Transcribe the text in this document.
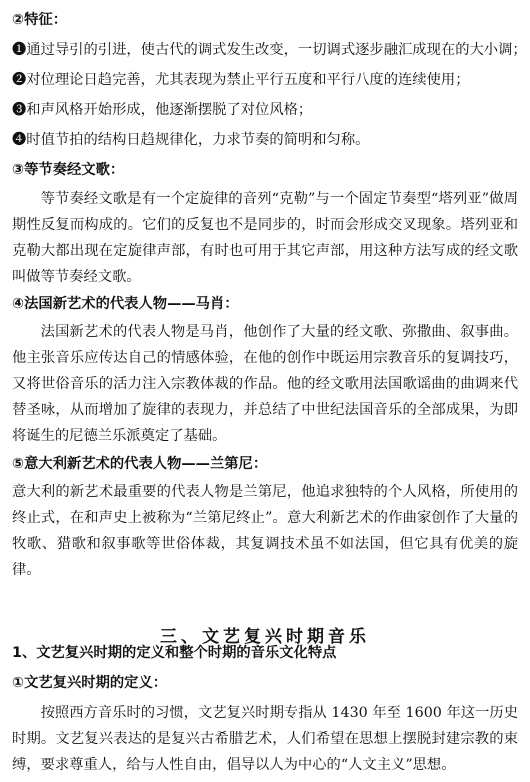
②特征：

❶通过导引的引进，使古代的调式发生改变，一切调式逐步融汇成现在的大小调；

❷对位理论日趋完善，尤其表现为禁止平行五度和平行八度的连续使用；

❸和声风格开始形成，他逐渐摆脱了对位风格；

❹时值节拍的结构日趋规律化，力求节奏的简明和匀称。

③等节奏经文歌：

等节奏经文歌是有一个定旋律的音列“克勒”与一个固定节奏型“塔列亚”做周期性反复而构成的。它们的反复也不是同步的，时而会形成交叉现象。塔列亚和克勒大都出现在定旋律声部，有时也可用于其它声部，用这种方法写成的经文歌叫做等节奏经文歌。

④法国新艺术的代表人物——马肖：

法国新艺术的代表人物是马肖，他创作了大量的经文歌、弥撒曲、叙事曲。他主张音乐应传达自己的情感体验，在他的创作中既运用宗教音乐的复调技巧，又将世俗音乐的活力注入宗教体裁的作品。他的经文歌用法国歌谣曲的曲调来代替圣咏，从而增加了旋律的表现力，并总结了中世纪法国音乐的全部成果，为即将诞生的尼德兰乐派奠定了基础。

⑤意大利新艺术的代表人物——兰第尼：

意大利的新艺术最重要的代表人物是兰第尼，他追求独特的个人风格，所使用的终止式，在和声史上被称为“兰第尼终止”。意大利新艺术的作曲家创作了大量的牧歌、猎歌和叙事歌等世俗体裁，其复调技术虽不如法国，但它具有优美的旋律。

三、文艺复兴时期音乐

1、文艺复兴时期的定义和整个时期的音乐文化特点

①文艺复兴时期的定义：

按照西方音乐时的习惯，文艺复兴时期专指从 1430 年至 1600 年这一历史时期。文艺复兴表达的是复兴古希腊艺术，人们希望在思想上摆脱封建宗教的束缚，要求尊重人，给与人性自由，倡导以人为中心的“人文主义”思想。
